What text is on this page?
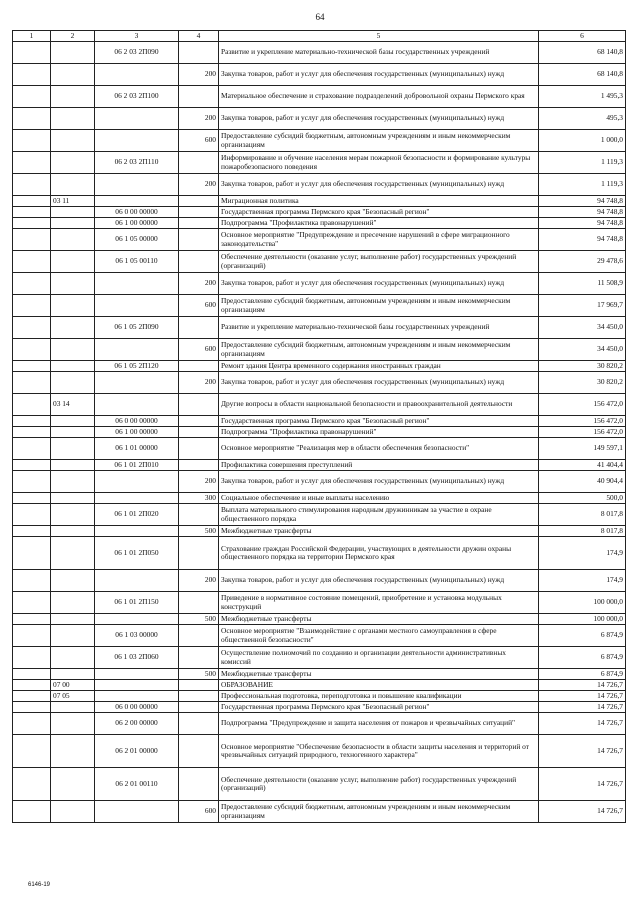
64
1	2	3	4	5	6
		06 2 03 2П090		Развитие и укрепление материально-технической базы государственных учреждений	68 140,8
			200	Закупка товаров, работ и услуг для обеспечения государственных (муниципальных) нужд	68 140,8
		06 2 03 2П100		Материальное обеспечение и страхование подразделений добровольной охраны Пермского края	1 495,3
			200	Закупка товаров, работ и услуг для обеспечения государственных (муниципальных) нужд	495,3
			600	Предоставление субсидий бюджетным, автономным учреждениям и иным некоммерческим организациям	1 000,0
		06 2 03 2П110		Информирование и обучение населения мерам пожарной безопасности и формирование культуры пожаробезопасного поведения	1 119,3
			200	Закупка товаров, работ и услуг для обеспечения государственных (муниципальных) нужд	1 119,3
	03 11			Миграционная политика	94 748,8
		06 0 00 00000		Государственная программа Пермского края "Безопасный регион"	94 748,8
		06 1 00 00000		Подпрограмма "Профилактика правонарушений"	94 748,8
		06 1 05 00000		Основное мероприятие "Предупреждение и пресечение нарушений в сфере миграционного законодательства"	94 748,8
		06 1 05 00110		Обеспечение деятельности (оказание услуг, выполнение работ) государственных учреждений (организаций)	29 478,6
			200	Закупка товаров, работ и услуг для обеспечения государственных (муниципальных) нужд	11 508,9
			600	Предоставление субсидий бюджетным, автономным учреждениям и иным некоммерческим организациям	17 969,7
		06 1 05 2П090		Развитие и укрепление материально-технической базы государственных учреждений	34 450,0
			600	Предоставление субсидий бюджетным, автономным учреждениям и иным некоммерческим организациям	34 450,0
		06 1 05 2П120		Ремонт здания Центра временного содержания иностранных граждан	30 820,2
			200	Закупка товаров, работ и услуг для обеспечения государственных (муниципальных) нужд	30 820,2
	03 14			Другие вопросы в области национальной безопасности и правоохранительной деятельности	156 472,0
		06 0 00 00000		Государственная программа Пермского края "Безопасный регион"	156 472,0
		06 1 00 00000		Подпрограмма "Профилактика правонарушений"	156 472,0
		06 1 01 00000		Основное мероприятие "Реализация мер в области обеспечения безопасности"	149 597,1
		06 1 01 2П010		Профилактика совершения преступлений	41 404,4
			200	Закупка товаров, работ и услуг для обеспечения государственных (муниципальных) нужд	40 904,4
			300	Социальное обеспечение и иные выплаты населению	500,0
		06 1 01 2П020		Выплата материального стимулирования народным дружинникам за участие в охране общественного порядка	8 017,8
			500	Межбюджетные трансферты	8 017,8
		06 1 01 2П050		Страхование граждан Российской Федерации, участвующих в деятельности дружин охраны общественного порядка на территории Пермского края	174,9
			200	Закупка товаров, работ и услуг для обеспечения государственных (муниципальных) нужд	174,9
		06 1 01 2П150		Приведение в нормативное состояние помещений, приобретение и установка модульных конструкций	100 000,0
			500	Межбюджетные трансферты	100 000,0
		06 1 03 00000		Основное мероприятие "Взаимодействие с органами местного самоуправления в сфере общественной безопасности"	6 874,9
		06 1 03 2П060		Осуществление полномочий по созданию и организации деятельности административных комиссий	6 874,9
			500	Межбюджетные трансферты	6 874,9
	07 00			ОБРАЗОВАНИЕ	14 726,7
	07 05			Профессиональная подготовка, переподготовка и повышение квалификации	14 726,7
		06 0 00 00000		Государственная программа Пермского края "Безопасный регион"	14 726,7
		06 2 00 00000		Подпрограмма "Предупреждение и защита населения от пожаров и чрезвычайных ситуаций"	14 726,7
		06 2 01 00000		Основное мероприятие "Обеспечение безопасности в области защиты населения и территорий от чрезвычайных ситуаций природного, техногенного характера"	14 726,7
		06 2 01 00110		Обеспечение деятельности (оказание услуг, выполнение работ) государственных учреждений (организаций)	14 726,7
			600	Предоставление субсидий бюджетным, автономным учреждениям и иным некоммерческим организациям	14 726,7
6146-19
